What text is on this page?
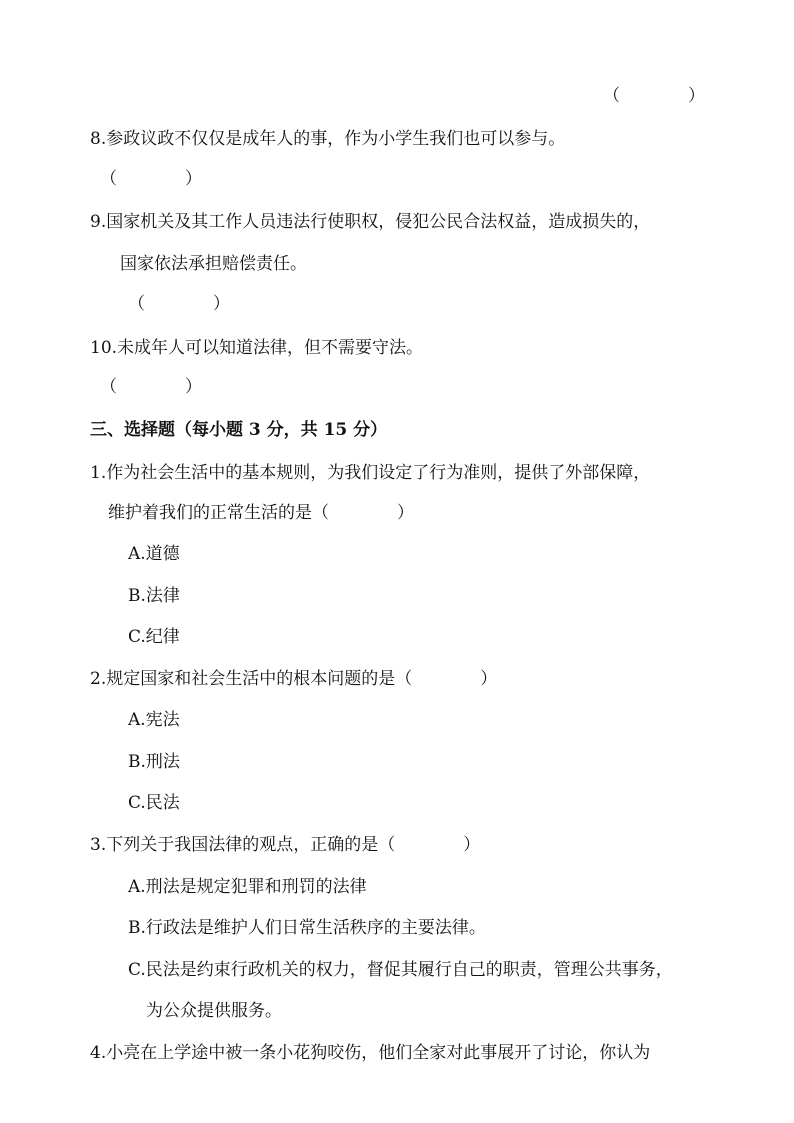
（　　　　）
8.参政议政不仅仅是成年人的事，作为小学生我们也可以参与。
（　　　　）
9.国家机关及其工作人员违法行使职权，侵犯公民合法权益，造成损失的，
国家依法承担赔偿责任。
（　　　　）
10.未成年人可以知道法律，但不需要守法。
（　　　　）
三、选择题（每小题 3 分，共 15 分）
1.作为社会生活中的基本规则，为我们设定了行为准则，提供了外部保障，
维护着我们的正常生活的是（　　　　）
A.道德
B.法律
C.纪律
2.规定国家和社会生活中的根本问题的是（　　　　）
A.宪法
B.刑法
C.民法
3.下列关于我国法律的观点，正确的是（　　　　）
A.刑法是规定犯罪和刑罚的法律
B.行政法是维护人们日常生活秩序的主要法律。
C.民法是约束行政机关的权力，督促其履行自己的职责，管理公共事务，
为公众提供服务。
4.小亮在上学途中被一条小花狗咬伤，他们全家对此事展开了讨论，你认为
